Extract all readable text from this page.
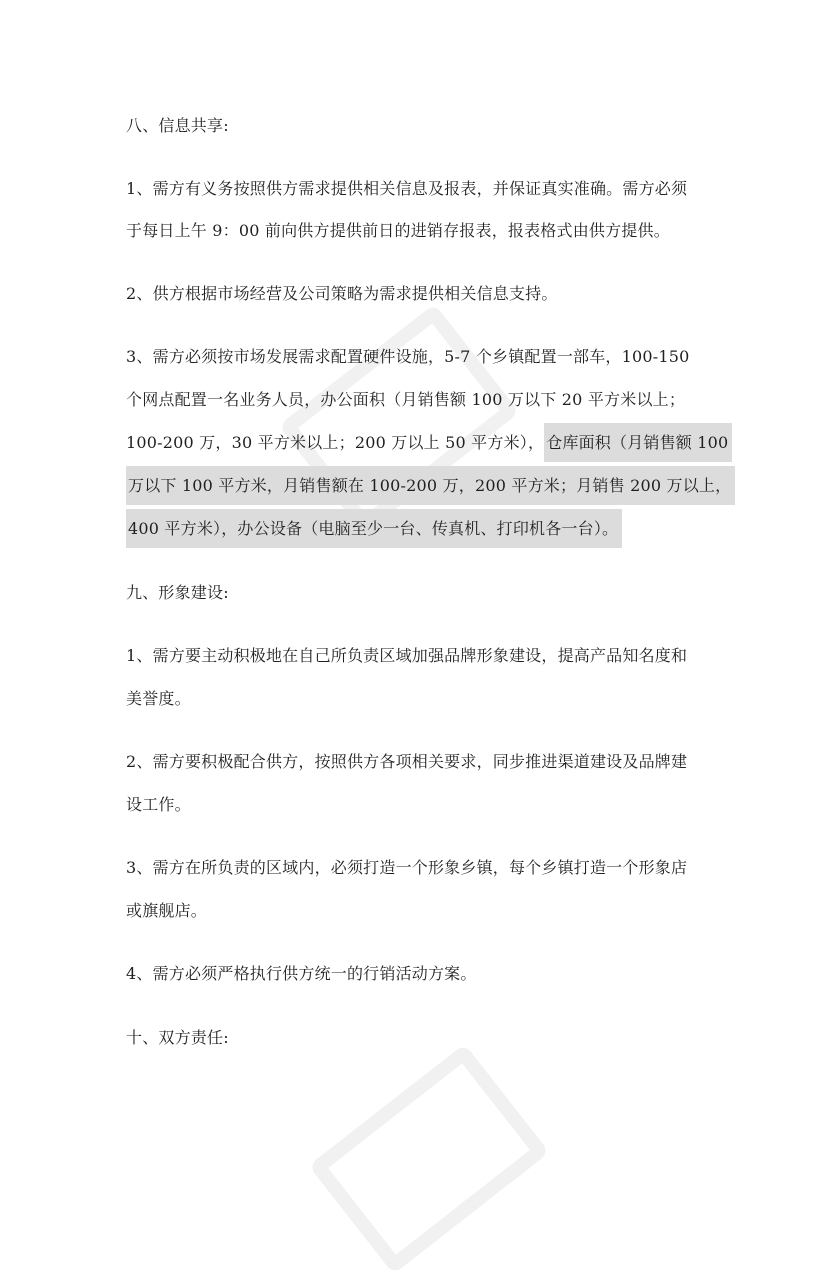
八、信息共享:
1、需方有义务按照供方需求提供相关信息及报表，并保证真实准确。需方必须
于每日上午 9：00 前向供方提供前日的进销存报表，报表格式由供方提供。
2、供方根据市场经营及公司策略为需求提供相关信息支持。
3、需方必须按市场发展需求配置硬件设施，5-7 个乡镇配置一部车，100-150
个网点配置一名业务人员，办公面积（月销售额 100 万以下 20 平方米以上；
100-200 万，30 平方米以上；200 万以上 50 平方米）， 仓库面积（月销售额 100
万以下 100 平方米，月销售额在 100-200 万，200 平方米；月销售 200 万以上，
400 平方米），办公设备（电脑至少一台、传真机、打印机各一台）。
九、形象建设:
1、需方要主动积极地在自己所负责区域加强品牌形象建设，提高产品知名度和
美誉度。
2、需方要积极配合供方，按照供方各项相关要求，同步推进渠道建设及品牌建
设工作。
3、需方在所负责的区域内，必须打造一个形象乡镇，每个乡镇打造一个形象店
或旗舰店。
4、需方必须严格执行供方统一的行销活动方案。
十、双方责任:
